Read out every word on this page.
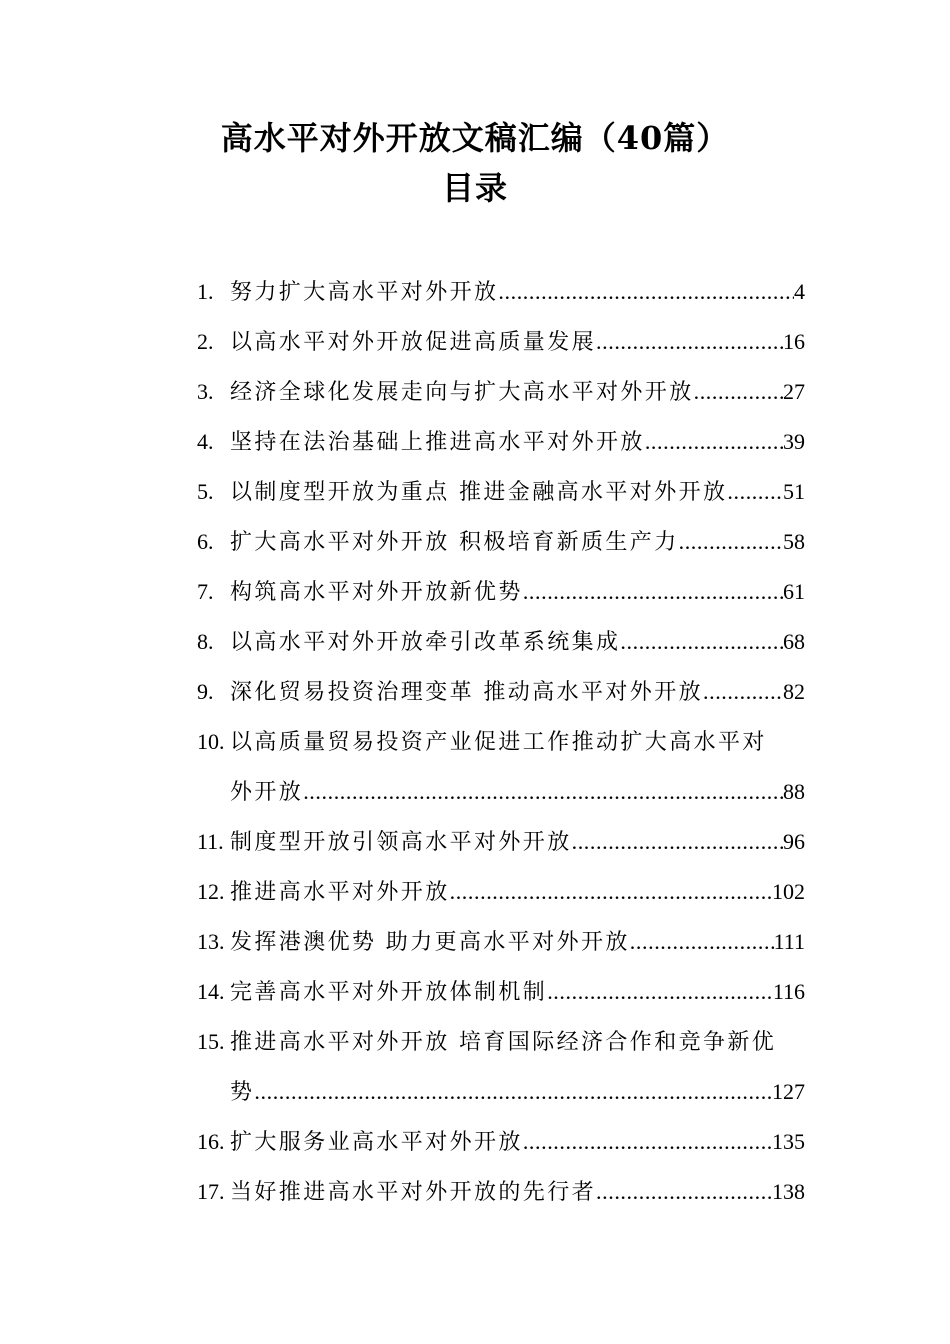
高水平对外开放文稿汇编（40篇）
目录
1. 努力扩大高水平对外开放 .....	4
2. 以高水平对外开放促进高质量发展 .....	16
3. 经济全球化发展走向与扩大高水平对外开放 .....	27
4. 坚持在法治基础上推进高水平对外开放 .....	39
5. 以制度型开放为重点 推进金融高水平对外开放 .....	51
6. 扩大高水平对外开放 积极培育新质生产力 .....	58
7. 构筑高水平对外开放新优势 .....	61
8. 以高水平对外开放牵引改革系统集成 .....	68
9. 深化贸易投资治理变革 推动高水平对外开放 .....	82
10. 以高质量贸易投资产业促进工作推动扩大高水平对
外开放 .....	88
11. 制度型开放引领高水平对外开放 .....	96
12. 推进高水平对外开放 .....	102
13. 发挥港澳优势 助力更高水平对外开放 .....	111
14. 完善高水平对外开放体制机制 .....	116
15. 推进高水平对外开放 培育国际经济合作和竞争新优
势 .....	127
16. 扩大服务业高水平对外开放 .....	135
17. 当好推进高水平对外开放的先行者 .....	138
